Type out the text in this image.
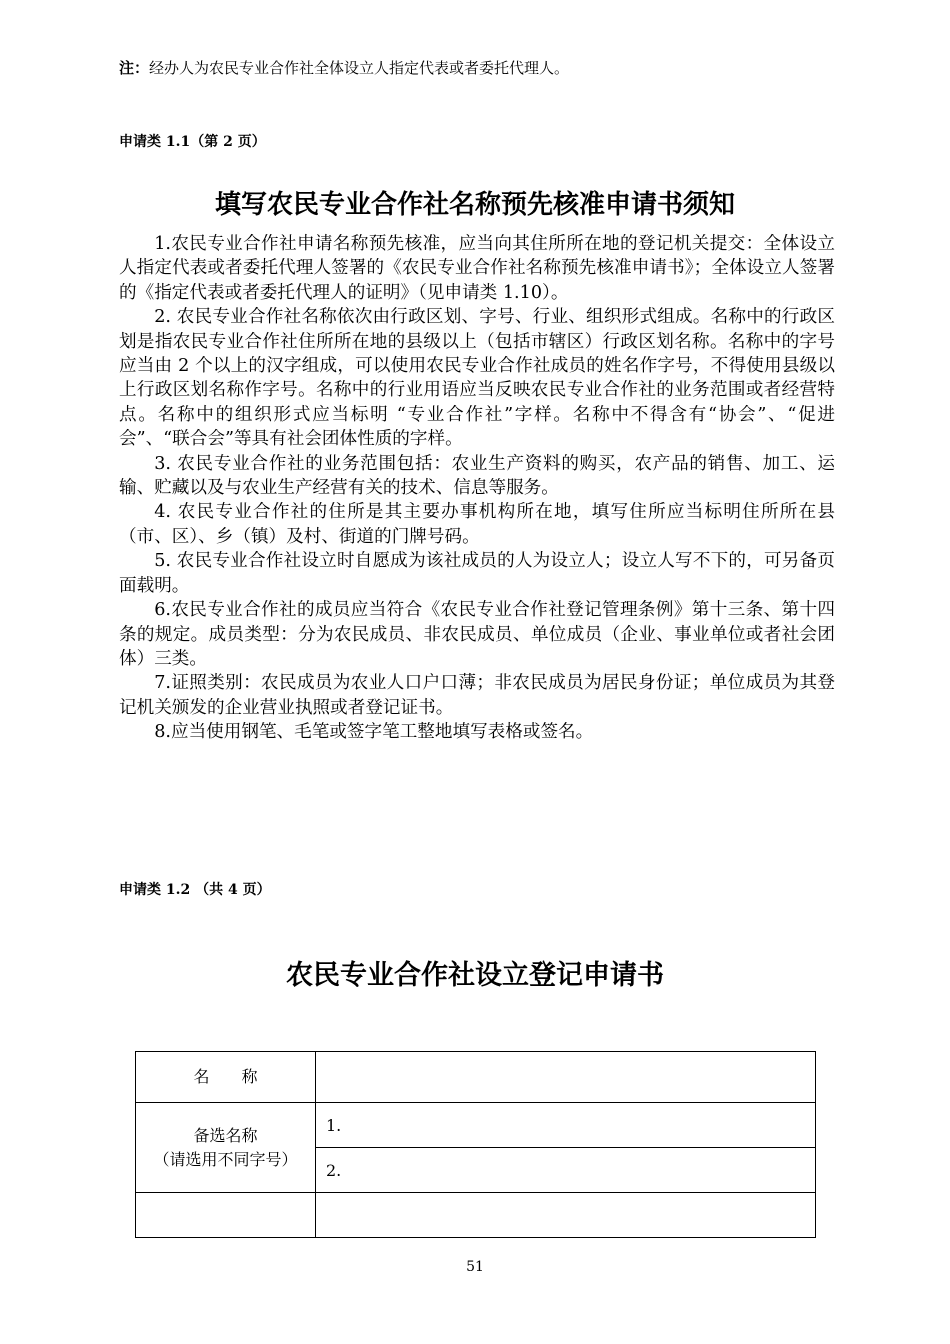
注：经办人为农民专业合作社全体设立人指定代表或者委托代理人。
申请类 1.1（第 2 页）
填写农民专业合作社名称预先核准申请书须知

1.农民专业合作社申请名称预先核准，应当向其住所所在地的登记机关提交：全体设立人指定代表或者委托代理人签署的《农民专业合作社名称预先核准申请书》；全体设立人签署的《指定代表或者委托代理人的证明》（见申请类 1.10）。

2. 农民专业合作社名称依次由行政区划、字号、行业、组织形式组成。名称中的行政区划是指农民专业合作社住所所在地的县级以上（包括市辖区）行政区划名称。名称中的字号应当由 2 个以上的汉字组成，可以使用农民专业合作社成员的姓名作字号，不得使用县级以上行政区划名称作字号。名称中的行业用语应当反映农民专业合作社的业务范围或者经营特点。名称中的组织形式应当标明 “专业合作社”字样。名称中不得含有“协会”、“促进会”、“联合会”等具有社会团体性质的字样。

3. 农民专业合作社的业务范围包括：农业生产资料的购买，农产品的销售、加工、运输、贮藏以及与农业生产经营有关的技术、信息等服务。

4. 农民专业合作社的住所是其主要办事机构所在地，填写住所应当标明住所所在县（市、区）、乡（镇）及村、街道的门牌号码。

5. 农民专业合作社设立时自愿成为该社成员的人为设立人；设立人写不下的，可另备页面载明。

6.农民专业合作社的成员应当符合《农民专业合作社登记管理条例》第十三条、第十四条的规定。成员类型：分为农民成员、非农民成员、单位成员（企业、事业单位或者社会团体）三类。

7.证照类别：农民成员为农业人口户口薄；非农民成员为居民身份证；单位成员为其登记机关颁发的企业营业执照或者登记证书。

8.应当使用钢笔、毛笔或签字笔工整地填写表格或签名。

申请类 1.2 （共 4 页）
农民专业合作社设立登记申请书
名　　称	

备选名称
（请选用不同字号）	1.
	2.

51
